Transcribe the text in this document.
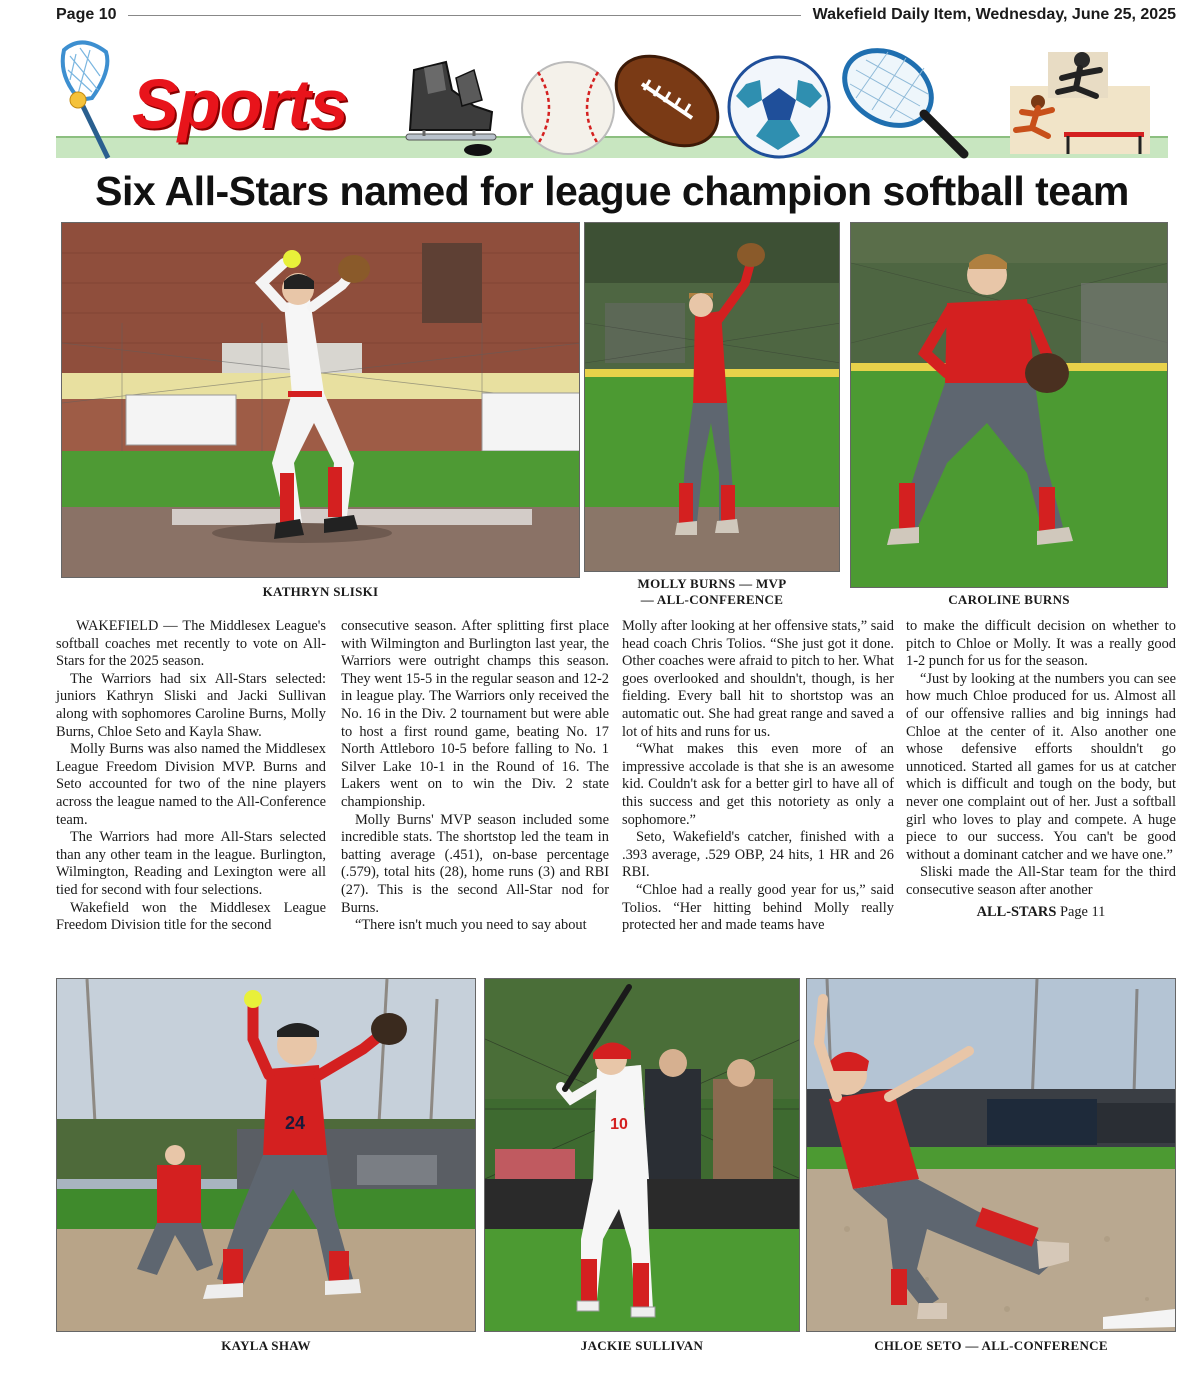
Page 10	Wakefield Daily Item, Wednesday, June 25, 2025
Sports
Six All-Stars named for league champion softball team
KATHRYN SLISKI
MOLLY BURNS — MVP
— ALL-CONFERENCE	CAROLINE BURNS

WAKEFIELD — The Middlesex League's softball coaches met recently to vote on All-Stars for the 2025 season.

The Warriors had six All-Stars selected: juniors Kathryn Sliski and Jacki Sullivan along with sophomores Caroline Burns, Molly Burns, Chloe Seto and Kayla Shaw.

Molly Burns was also named the Middlesex League Freedom Division MVP. Burns and Seto accounted for two of the nine players across the league named to the All-Conference team.

The Warriors had more All-Stars selected than any other team in the league. Burlington, Wilmington, Reading and Lexington were all tied for second with four selections.

Wakefield won the Middlesex League Freedom Division title for the second

consecutive season. After splitting first place with Wilmington and Burlington last year, the Warriors were outright champs this season. They went 15-5 in the regular season and 12-2 in league play. The Warriors only received the No. 16 in the Div. 2 tournament but were able to host a first round game, beating No. 17 North Attleboro 10-5 before falling to No. 1 Silver Lake 10-1 in the Round of 16. The Lakers went on to win the Div. 2 state championship.

Molly Burns' MVP season included some incredible stats. The shortstop led the team in batting average (.451), on-base percentage (.579), total hits (28), home runs (3) and RBI (27). This is the second All-Star nod for Burns.

“There isn't much you need to say about

Molly after looking at her offensive stats,” said head coach Chris Tolios. “She just got it done. Other coaches were afraid to pitch to her. What goes overlooked and shouldn't, though, is her fielding. Every ball hit to shortstop was an automatic out. She had great range and saved a lot of hits and runs for us.

“What makes this even more of an impressive accolade is that she is an awesome kid. Couldn't ask for a better girl to have all of this success and get this notoriety as only a sophomore.”

Seto, Wakefield's catcher, finished with a .393 average, .529 OBP, 24 hits, 1 HR and 26 RBI.

“Chloe had a really good year for us,” said Tolios. “Her hitting behind Molly really protected her and made teams have

to make the difficult decision on whether to pitch to Chloe or Molly. It was a really good 1-2 punch for us for the season.

“Just by looking at the numbers you can see how much Chloe produced for us. Almost all of our offensive rallies and big innings had Chloe at the center of it. Also another one whose defensive efforts shouldn't go unnoticed. Started all games for us at catcher which is difficult and tough on the body, but never one complaint out of her. Just a softball girl who loves to play and compete. A huge piece to our success. You can't be good without a dominant catcher and we have one.”

Sliski made the All-Star team for the third consecutive season after another

ALL-STARS Page 11

24
KAYLA SHAW
10
JACKIE SULLIVAN	CHLOE SETO — ALL-CONFERENCE
